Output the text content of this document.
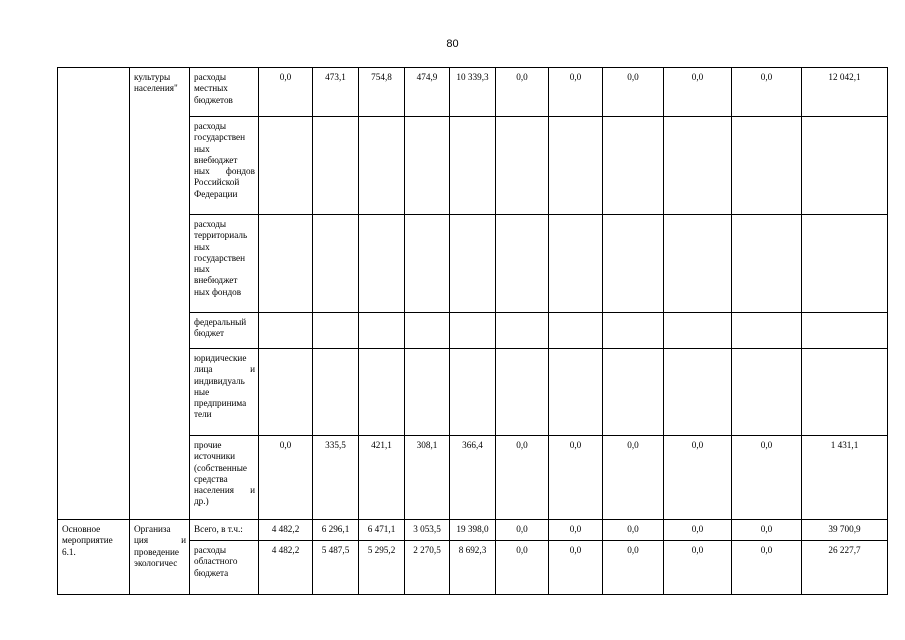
80
	культуры населения"	расходы местных бюджетов	0,0	473,1	754,8	474,9	10 339,3	0,0	0,0	0,0	0,0	0,0	12 042,1
		расходы государствен ных внебюджет ных фондов Российской Федерации											
		расходы территориаль ных государствен ных внебюджет ных фондов											
		федеральный бюджет											
		юридические лица и индивидуаль ные предпринима тели											
		прочие источники (собственные средства населения и др.)	0,0	335,5	421,1	308,1	366,4	0,0	0,0	0,0	0,0	0,0	1 431,1
Основное мероприятие 6.1.	Организа ция и проведение экологичес	Всего, в т.ч.:	4 482,2	6 296,1	6 471,1	3 053,5	19 398,0	0,0	0,0	0,0	0,0	0,0	39 700,9
		расходы областного бюджета	4 482,2	5 487,5	5 295,2	2 270,5	8 692,3	0,0	0,0	0,0	0,0	0,0	26 227,7
